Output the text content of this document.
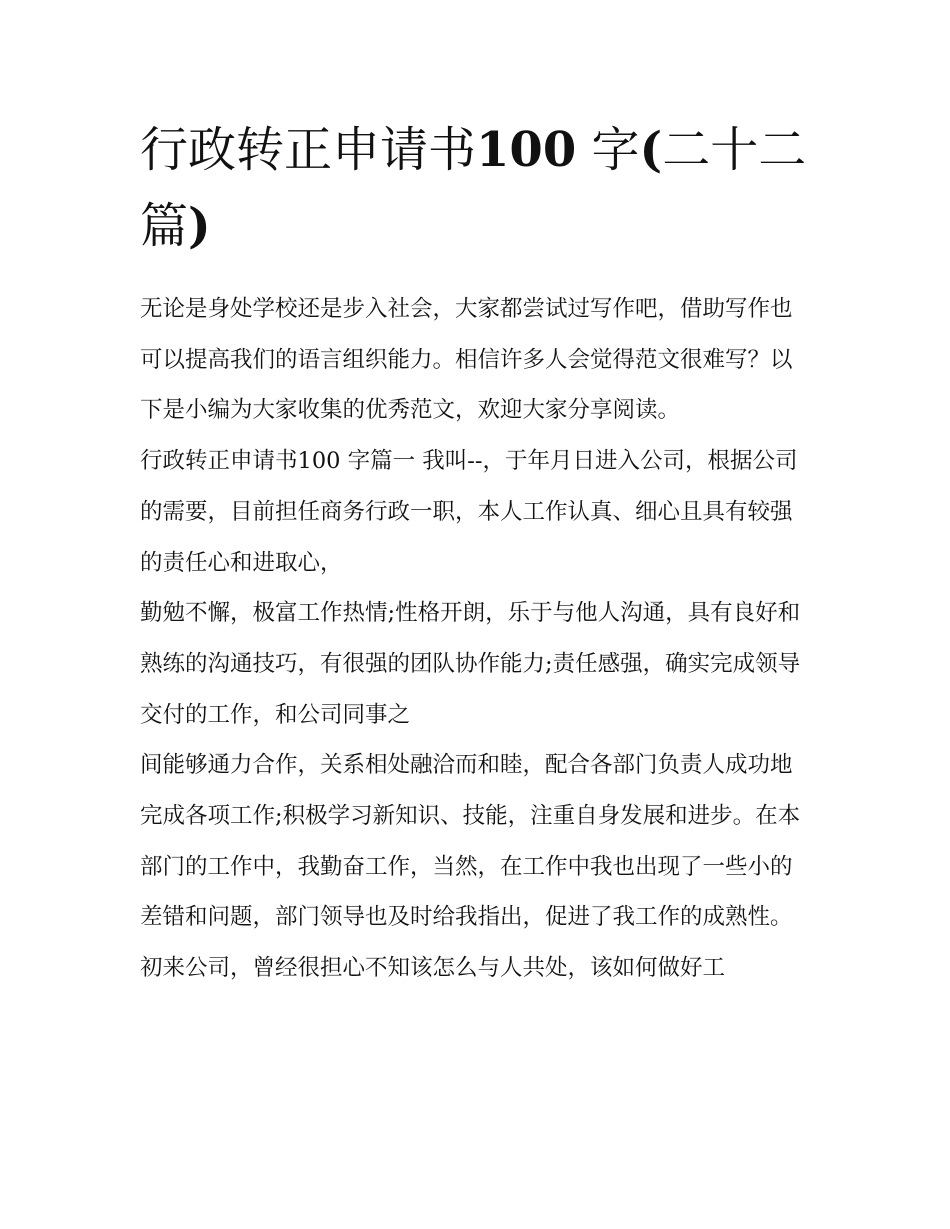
行政转正申请书100 字(二十二篇)

无论是身处学校还是步入社会，大家都尝试过写作吧，借助写作也可以提高我们的语言组织能力。相信许多人会觉得范文很难写？以下是小编为大家收集的优秀范文，欢迎大家分享阅读。

行政转正申请书100 字篇一 我叫--，于年月日进入公司，根据公司的需要，目前担任商务行政一职，本人工作认真、细心且具有较强的责任心和进取心，

勤勉不懈，极富工作热情;性格开朗，乐于与他人沟通，具有良好和熟练的沟通技巧，有很强的团队协作能力;责任感强，确实完成领导交付的工作，和公司同事之

间能够通力合作，关系相处融洽而和睦，配合各部门负责人成功地完成各项工作;积极学习新知识、技能，注重自身发展和进步。在本部门的工作中，我勤奋工作，当然，在工作中我也出现了一些小的差错和问题，部门领导也及时给我指出，促进了我工作的成熟性。

初来公司，曾经很担心不知该怎么与人共处，该如何做好工
